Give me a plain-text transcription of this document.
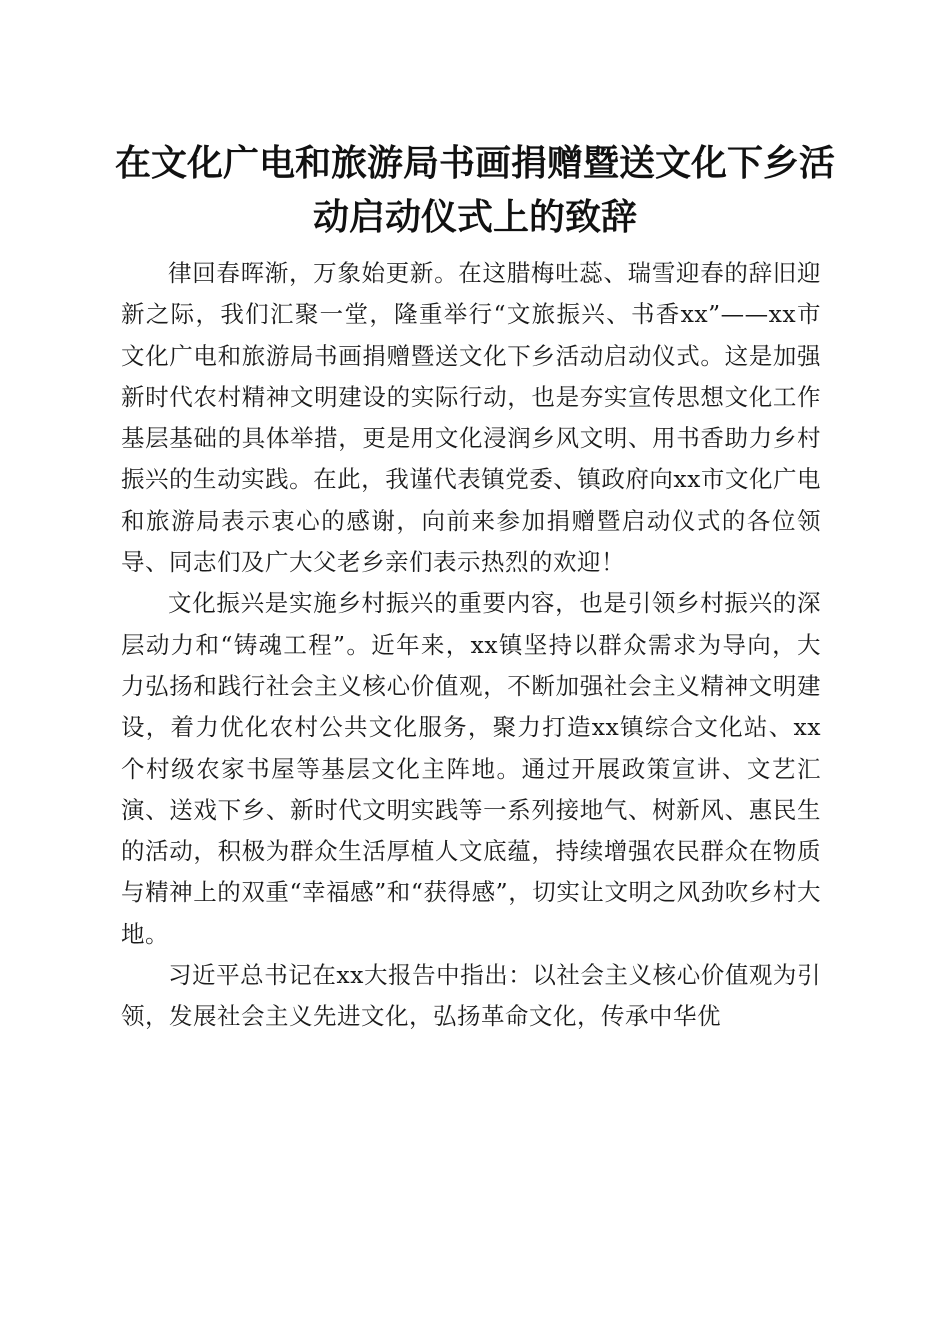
在文化广电和旅游局书画捐赠暨送文化下乡活动启动仪式上的致辞

律回春晖渐，万象始更新。在这腊梅吐蕊、瑞雪迎春的辞旧迎新之际，我们汇聚一堂，隆重举行“文旅振兴、书香xx”——xx市文化广电和旅游局书画捐赠暨送文化下乡活动启动仪式。这是加强新时代农村精神文明建设的实际行动，也是夯实宣传思想文化工作基层基础的具体举措，更是用文化浸润乡风文明、用书香助力乡村振兴的生动实践。在此，我谨代表镇党委、镇政府向xx市文化广电和旅游局表示衷心的感谢，向前来参加捐赠暨启动仪式的各位领导、同志们及广大父老乡亲们表示热烈的欢迎！

文化振兴是实施乡村振兴的重要内容，也是引领乡村振兴的深层动力和“铸魂工程”。近年来，xx镇坚持以群众需求为导向，大力弘扬和践行社会主义核心价值观，不断加强社会主义精神文明建设，着力优化农村公共文化服务，聚力打造xx镇综合文化站、xx个村级农家书屋等基层文化主阵地。通过开展政策宣讲、文艺汇演、送戏下乡、新时代文明实践等一系列接地气、树新风、惠民生的活动，积极为群众生活厚植人文底蕴，持续增强农民群众在物质与精神上的双重“幸福感”和“获得感”，切实让文明之风劲吹乡村大地。

习近平总书记在xx大报告中指出：以社会主义核心价值观为引领，发展社会主义先进文化，弘扬革命文化，传承中华优
